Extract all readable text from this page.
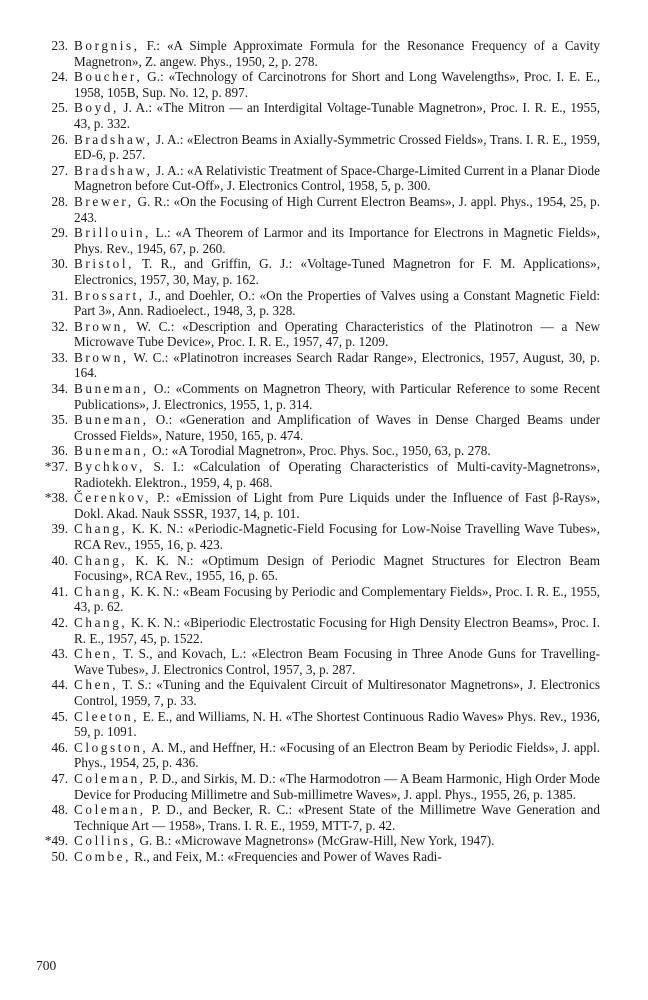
23. Borgnis, F.: «A Simple Approximate Formula for the Resonance Frequency of a Cavity Magnetron», Z. angew. Phys., 1950, 2, p. 278.
24. Boucher, G.: «Technology of Carcinotrons for Short and Long Wavelengths», Proc. I. E. E., 1958, 105B, Sup. No. 12, p. 897.
25. Boyd, J. A.: «The Mitron — an Interdigital Voltage-Tunable Magnetron», Proc. I. R. E., 1955, 43, p. 332.
26. Bradshaw, J. A.: «Electron Beams in Axially-Symmetric Crossed Fields», Trans. I. R. E., 1959, ED-6, p. 257.
27. Bradshaw, J. A.: «A Relativistic Treatment of Space-Charge-Limited Current in a Planar Diode Magnetron before Cut-Off», J. Electronics Control, 1958, 5, p. 300.
28. Brewer, G. R.: «On the Focusing of High Current Electron Beams», J. appl. Phys., 1954, 25, p. 243.
29. Brillouin, L.: «A Theorem of Larmor and its Importance for Electrons in Magnetic Fields», Phys. Rev., 1945, 67, p. 260.
30. Bristol, T. R., and Griffin, G. J.: «Voltage-Tuned Magnetron for F. M. Applications», Electronics, 1957, 30, May, p. 162.
31. Brossart, J., and Doehler, O.: «On the Properties of Valves using a Constant Magnetic Field: Part 3», Ann. Radioelect., 1948, 3, p. 328.
32. Brown, W. C.: «Description and Operating Characteristics of the Platinotron — a New Microwave Tube Device», Proc. I. R. E., 1957, 47, p. 1209.
33. Brown, W. C.: «Platinotron increases Search Radar Range», Electronics, 1957, August, 30, p. 164.
34. Buneman, O.: «Comments on Magnetron Theory, with Particular Reference to some Recent Publications», J. Electronics, 1955, 1, p. 314.
35. Buneman, O.: «Generation and Amplification of Waves in Dense Charged Beams under Crossed Fields», Nature, 1950, 165, p. 474.
36. Buneman, O.: «A Torodial Magnetron», Proc. Phys. Soc., 1950, 63, p. 278.
*37. Bychkov, S. I.: «Calculation of Operating Characteristics of Multi-cavity-Magnetrons», Radiotekh. Elektron., 1959, 4, p. 468.
*38. Čerenkov, P.: «Emission of Light from Pure Liquids under the Influence of Fast β-Rays», Dokl. Akad. Nauk SSSR, 1937, 14, p. 101.
39. Chang, K. K. N.: «Periodic-Magnetic-Field Focusing for Low-Noise Travelling Wave Tubes», RCA Rev., 1955, 16, p. 423.
40. Chang, K. K. N.: «Optimum Design of Periodic Magnet Structures for Electron Beam Focusing», RCA Rev., 1955, 16, p. 65.
41. Chang, K. K. N.: «Beam Focusing by Periodic and Complementary Fields», Proc. I. R. E., 1955, 43, p. 62.
42. Chang, K. K. N.: «Biperiodic Electrostatic Focusing for High Density Electron Beams», Proc. I. R. E., 1957, 45, p. 1522.
43. Chen, T. S., and Kovach, L.: «Electron Beam Focusing in Three Anode Guns for Travelling-Wave Tubes», J. Electronics Control, 1957, 3, p. 287.
44. Chen, T. S.: «Tuning and the Equivalent Circuit of Multiresonator Magnetrons», J. Electronics Control, 1959, 7, p. 33.
45. Cleeton, E. E., and Williams, N. H. «The Shortest Continuous Radio Waves» Phys. Rev., 1936, 59, p. 1091.
46. Clogston, A. M., and Heffner, H.: «Focusing of an Electron Beam by Periodic Fields», J. appl. Phys., 1954, 25, p. 436.
47. Coleman, P. D., and Sirkis, M. D.: «The Harmodotron — A Beam Harmonic, High Order Mode Device for Producing Millimetre and Sub-millimetre Waves», J. appl. Phys., 1955, 26, p. 1385.
48. Coleman, P. D., and Becker, R. C.: «Present State of the Millimetre Wave Generation and Technique Art — 1958», Trans. I. R. E., 1959, MTT-7, p. 42.
*49. Collins, G. B.: «Microwave Magnetrons» (McGraw-Hill, New York, 1947).
50. Combe, R., and Feix, M.: «Frequencies and Power of Waves Radi-
700
